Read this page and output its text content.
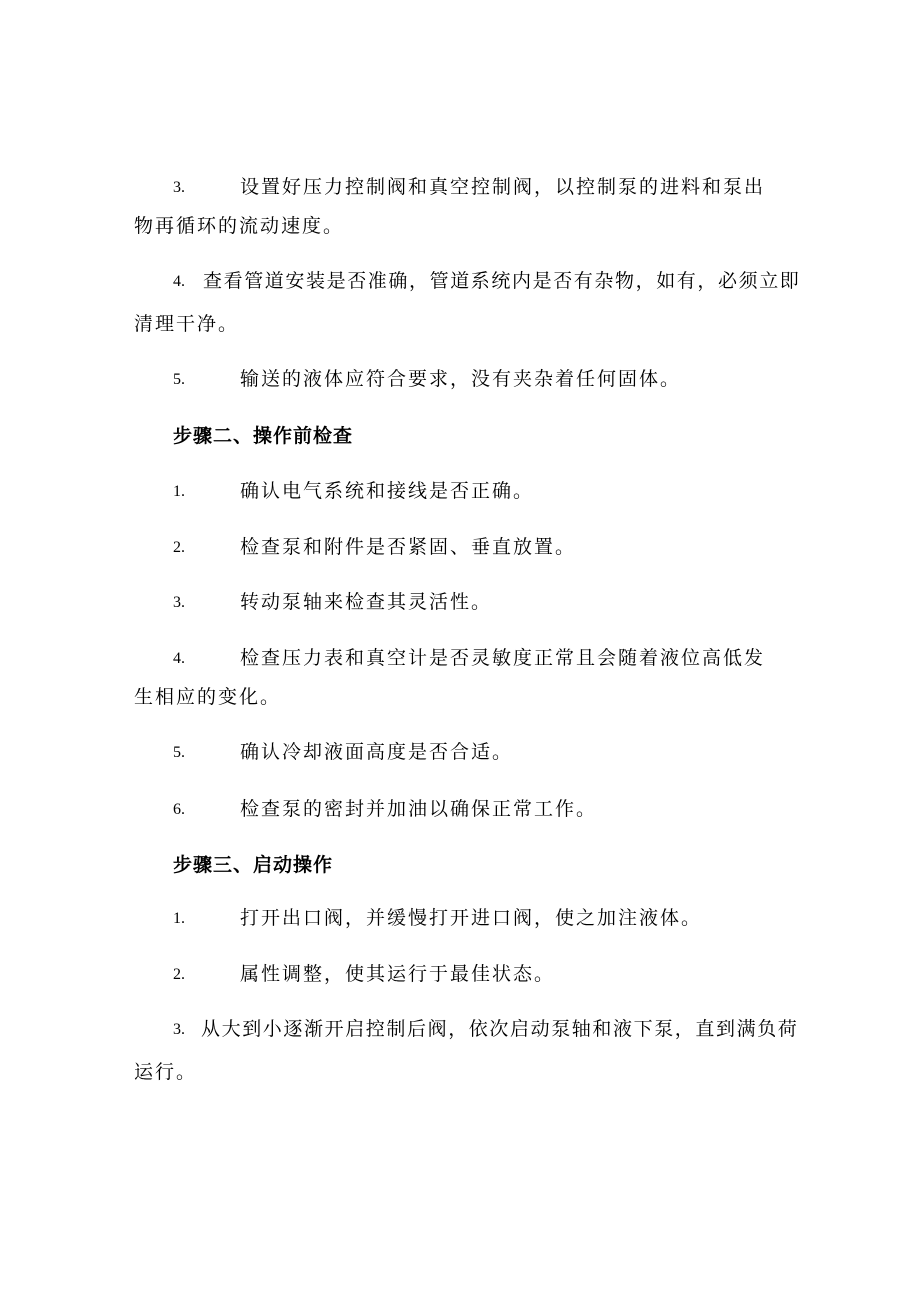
3.	设置好压力控制阀和真空控制阀，以控制泵的进料和泵出
物再循环的流动速度。
4. 查看管道安装是否准确，管道系统内是否有杂物，如有，必须立即
清理干净。
5.	输送的液体应符合要求，没有夹杂着任何固体。
步骤二、操作前检查
1.	确认电气系统和接线是否正确。
2.	检查泵和附件是否紧固、垂直放置。
3.	转动泵轴来检查其灵活性。
4.	检查压力表和真空计是否灵敏度正常且会随着液位高低发
生相应的变化。
5.	确认冷却液面高度是否合适。
6.	检查泵的密封并加油以确保正常工作。
步骤三、启动操作
1.	打开出口阀，并缓慢打开进口阀，使之加注液体。
2.	属性调整，使其运行于最佳状态。
3. 从大到小逐渐开启控制后阀，依次启动泵轴和液下泵，直到满负荷
运行。
